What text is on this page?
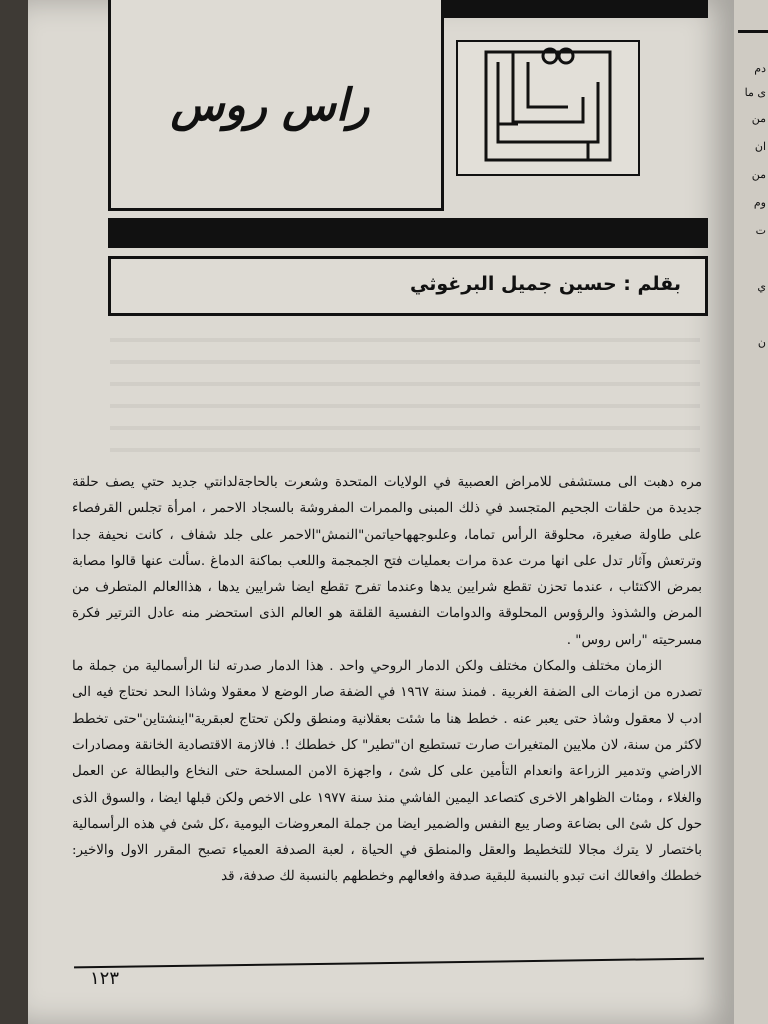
دم
ى ما
من
ان
من
وم
ت
ي
ن
راس روس
بقلم : حسين جميل البرغوثي

مره دهبت الى مستشفى للامراض العصبية في الولايات المتحدة وشعرت بالحاجةلدانتي جديد حتي يصف حلقة جديدة من حلقات الجحيم المتجسد في ذلك المبنى والممرات المفروشة بالسجاد الاحمر ، امرأة تجلس القرفصاء على طاولة صغيرة، محلوقة الرأس تماما، وعلىوجههاحياتمن"النمش"الاحمر على جلد شفاف ، كانت نحيفة جدا وترتعش وآثار تدل على انها مرت عدة مرات بعمليات فتح الجمجمة واللعب بماكنة الدماغ .سألت عنها قالوا مصابة بمرض الاكتئاب ، عندما تحزن تقطع شرايين يدها وعندما تفرح تقطع ايضا شرايين يدها ، هذاالعالم المتطرف من المرض والشذوذ والرؤوس المحلوقة والدوامات النفسية القلقة هو العالم الذى استحضر منه عادل الترتير فكرة مسرحيته "راس روس" .

الزمان مختلف والمكان مختلف ولكن الدمار الروحي واحد . هذا الدمار صدرته لنا الرأسمالية من جملة ما تصدره من ازمات الى الضفة الغربية . فمنذ سنة ١٩٦٧ في الضفة صار الوضع لا معقولا وشاذا الىحد نحتاج فيه الى ادب لا معقول وشاذ حتى يعبر عنه . خطط هنا ما شئت بعقلانية ومنطق ولكن تحتاج لعبقرية"اينشتاين"حتى تخطط لاكثر من سنة، لان ملايين المتغيرات صارت تستطيع ان"تطير" كل خططك !. فالازمة الاقتصادية الخانقة ومصادرات الاراضي وتدمير الزراعة وانعدام التأمين على كل شئ ، واجهزة الامن المسلحة حتى النخاع والبطالة عن العمل والغلاء ، ومئات الظواهر الاخرى كتصاعد اليمين الفاشي منذ سنة ١٩٧٧ على الاخص ولكن قبلها ايضا ، والسوق الذى حول كل شئ الى بضاعة وصار يبع النفس والضمير ايضا من جملة المعروضات اليومية ،كل شئ في هذه الرأسمالية باختصار لا يترك مجالا للتخطيط والعقل والمنطق في الحياة ، لعبة الصدفة العمياء تصبح المقرر الاول والاخير: خططك وافعالك انت تبدو بالنسبة للبقية صدفة وافعالهم وخططهم بالنسبة لك صدفة، قد

١٢٣
